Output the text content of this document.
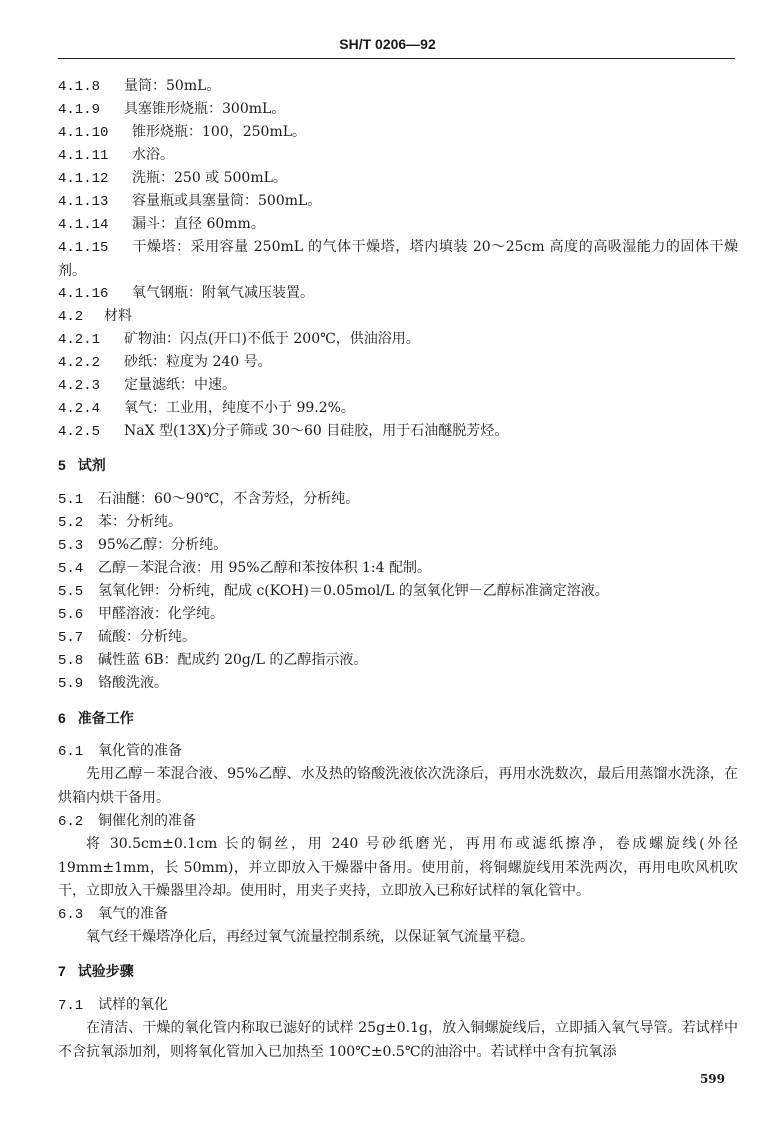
SH/T 0206—92
4.1.8 量筒：50mL。
4.1.9 具塞锥形烧瓶：300mL。
4.1.10 锥形烧瓶：100，250mL。
4.1.11 水浴。
4.1.12 洗瓶：250 或 500mL。
4.1.13 容量瓶或具塞量筒：500mL。
4.1.14 漏斗：直径 60mm。
4.1.15 干燥塔：采用容量 250mL 的气体干燥塔，塔内填装 20～25cm 高度的高吸湿能力的固体干燥剂。
4.1.16 氧气钢瓶：附氧气减压装置。
4.2 材料
4.2.1 矿物油：闪点(开口)不低于 200℃，供油浴用。
4.2.2 砂纸：粒度为 240 号。
4.2.3 定量滤纸：中速。
4.2.4 氧气：工业用，纯度不小于 99.2%。
4.2.5 NaX 型(13X)分子筛或 30～60 目硅胶，用于石油醚脱芳烃。
5 试剂
5.1 石油醚：60～90℃，不含芳烃，分析纯。
5.2 苯：分析纯。
5.3 95%乙醇：分析纯。
5.4 乙醇－苯混合液：用 95%乙醇和苯按体积 1:4 配制。
5.5 氢氧化钾：分析纯，配成 c(KOH)＝0.05mol/L 的氢氧化钾－乙醇标准滴定溶液。
5.6 甲醛溶液：化学纯。
5.7 硫酸：分析纯。
5.8 碱性蓝 6B：配成约 20g/L 的乙醇指示液。
5.9 铬酸洗液。
6 准备工作
6.1 氧化管的准备
先用乙醇－苯混合液、95%乙醇、水及热的铬酸洗液依次洗涤后，再用水洗数次，最后用蒸馏水洗涤，在烘箱内烘干备用。
6.2 铜催化剂的准备
将 30.5cm±0.1cm 长的铜丝，用 240 号砂纸磨光，再用布或滤纸擦净，卷成螺旋线(外径 19mm±1mm，长 50mm)，并立即放入干燥器中备用。使用前，将铜螺旋线用苯洗两次，再用电吹风机吹干，立即放入干燥器里冷却。使用时，用夹子夹持，立即放入已称好试样的氧化管中。
6.3 氧气的准备
氧气经干燥塔净化后，再经过氧气流量控制系统，以保证氧气流量平稳。
7 试验步骤
7.1 试样的氧化
在清洁、干燥的氧化管内称取已滤好的试样 25g±0.1g，放入铜螺旋线后，立即插入氧气导管。若试样中不含抗氧添加剂，则将氧化管加入已加热至 100℃±0.5℃的油浴中。若试样中含有抗氧添
599
